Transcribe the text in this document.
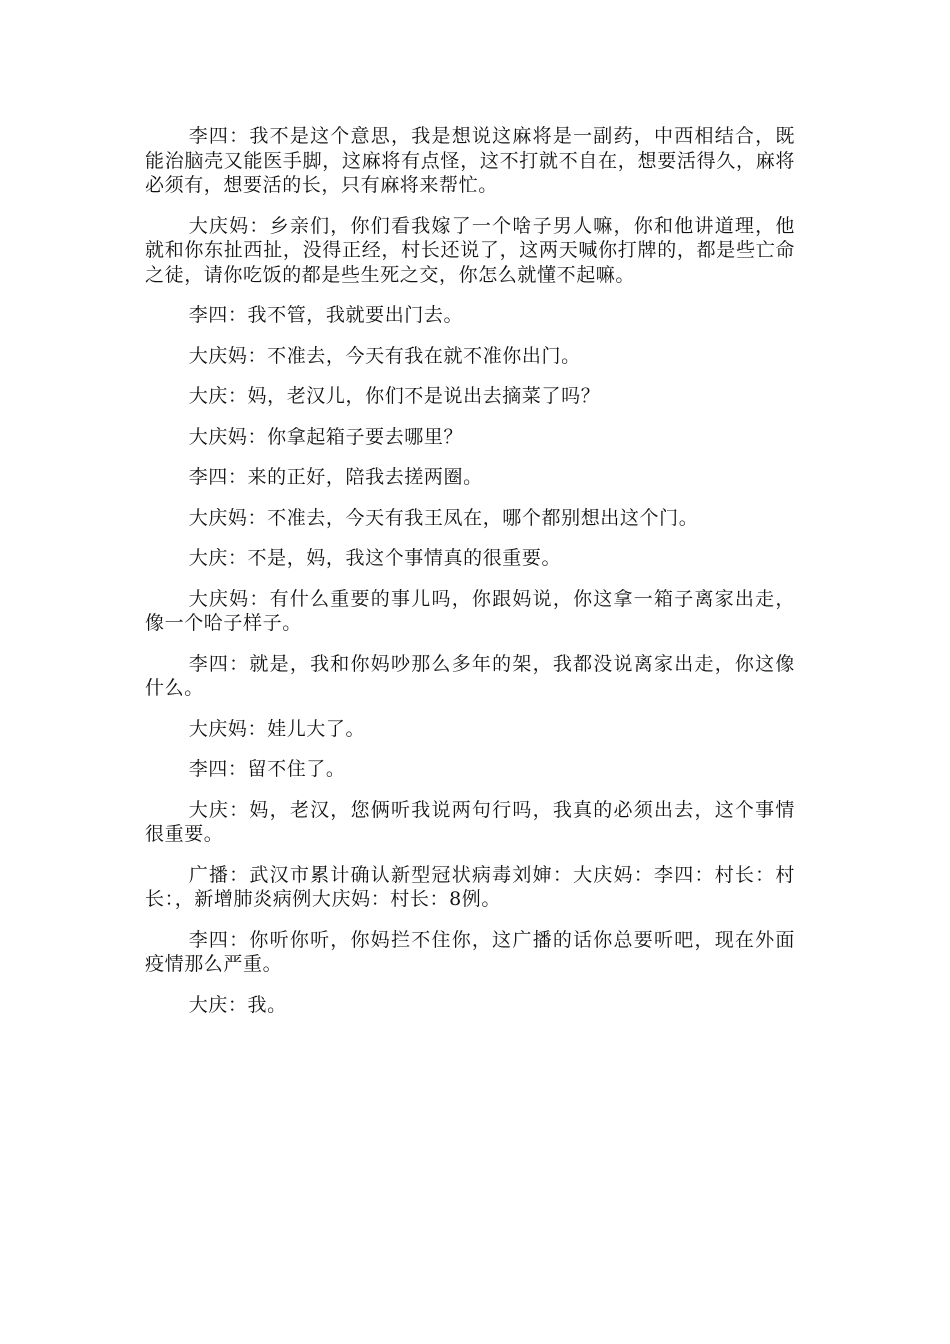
李四：我不是这个意思，我是想说这麻将是一副药，中西相结合，既能治脑壳又能医手脚，这麻将有点怪，这不打就不自在，想要活得久，麻将必须有，想要活的长，只有麻将来帮忙。

大庆妈：乡亲们，你们看我嫁了一个啥子男人嘛，你和他讲道理，他就和你东扯西扯，没得正经，村长还说了，这两天喊你打牌的，都是些亡命之徒，请你吃饭的都是些生死之交，你怎么就懂不起嘛。

李四：我不管，我就要出门去。

大庆妈：不准去，今天有我在就不准你出门。

大庆：妈，老汉儿，你们不是说出去摘菜了吗？

大庆妈：你拿起箱子要去哪里？

李四：来的正好，陪我去搓两圈。

大庆妈：不准去，今天有我王凤在，哪个都别想出这个门。

大庆：不是，妈，我这个事情真的很重要。

大庆妈：有什么重要的事儿吗，你跟妈说，你这拿一箱子离家出走，像一个哈子样子。

李四：就是，我和你妈吵那么多年的架，我都没说离家出走，你这像什么。

大庆妈：娃儿大了。

李四：留不住了。

大庆：妈，老汉，您俩听我说两句行吗，我真的必须出去，这个事情很重要。

广播：武汉市累计确认新型冠状病毒刘婶：大庆妈：李四：村长：村长：，新增肺炎病例大庆妈：村长：8例。

李四：你听你听，你妈拦不住你，这广播的话你总要听吧，现在外面疫情那么严重。

大庆：我。
